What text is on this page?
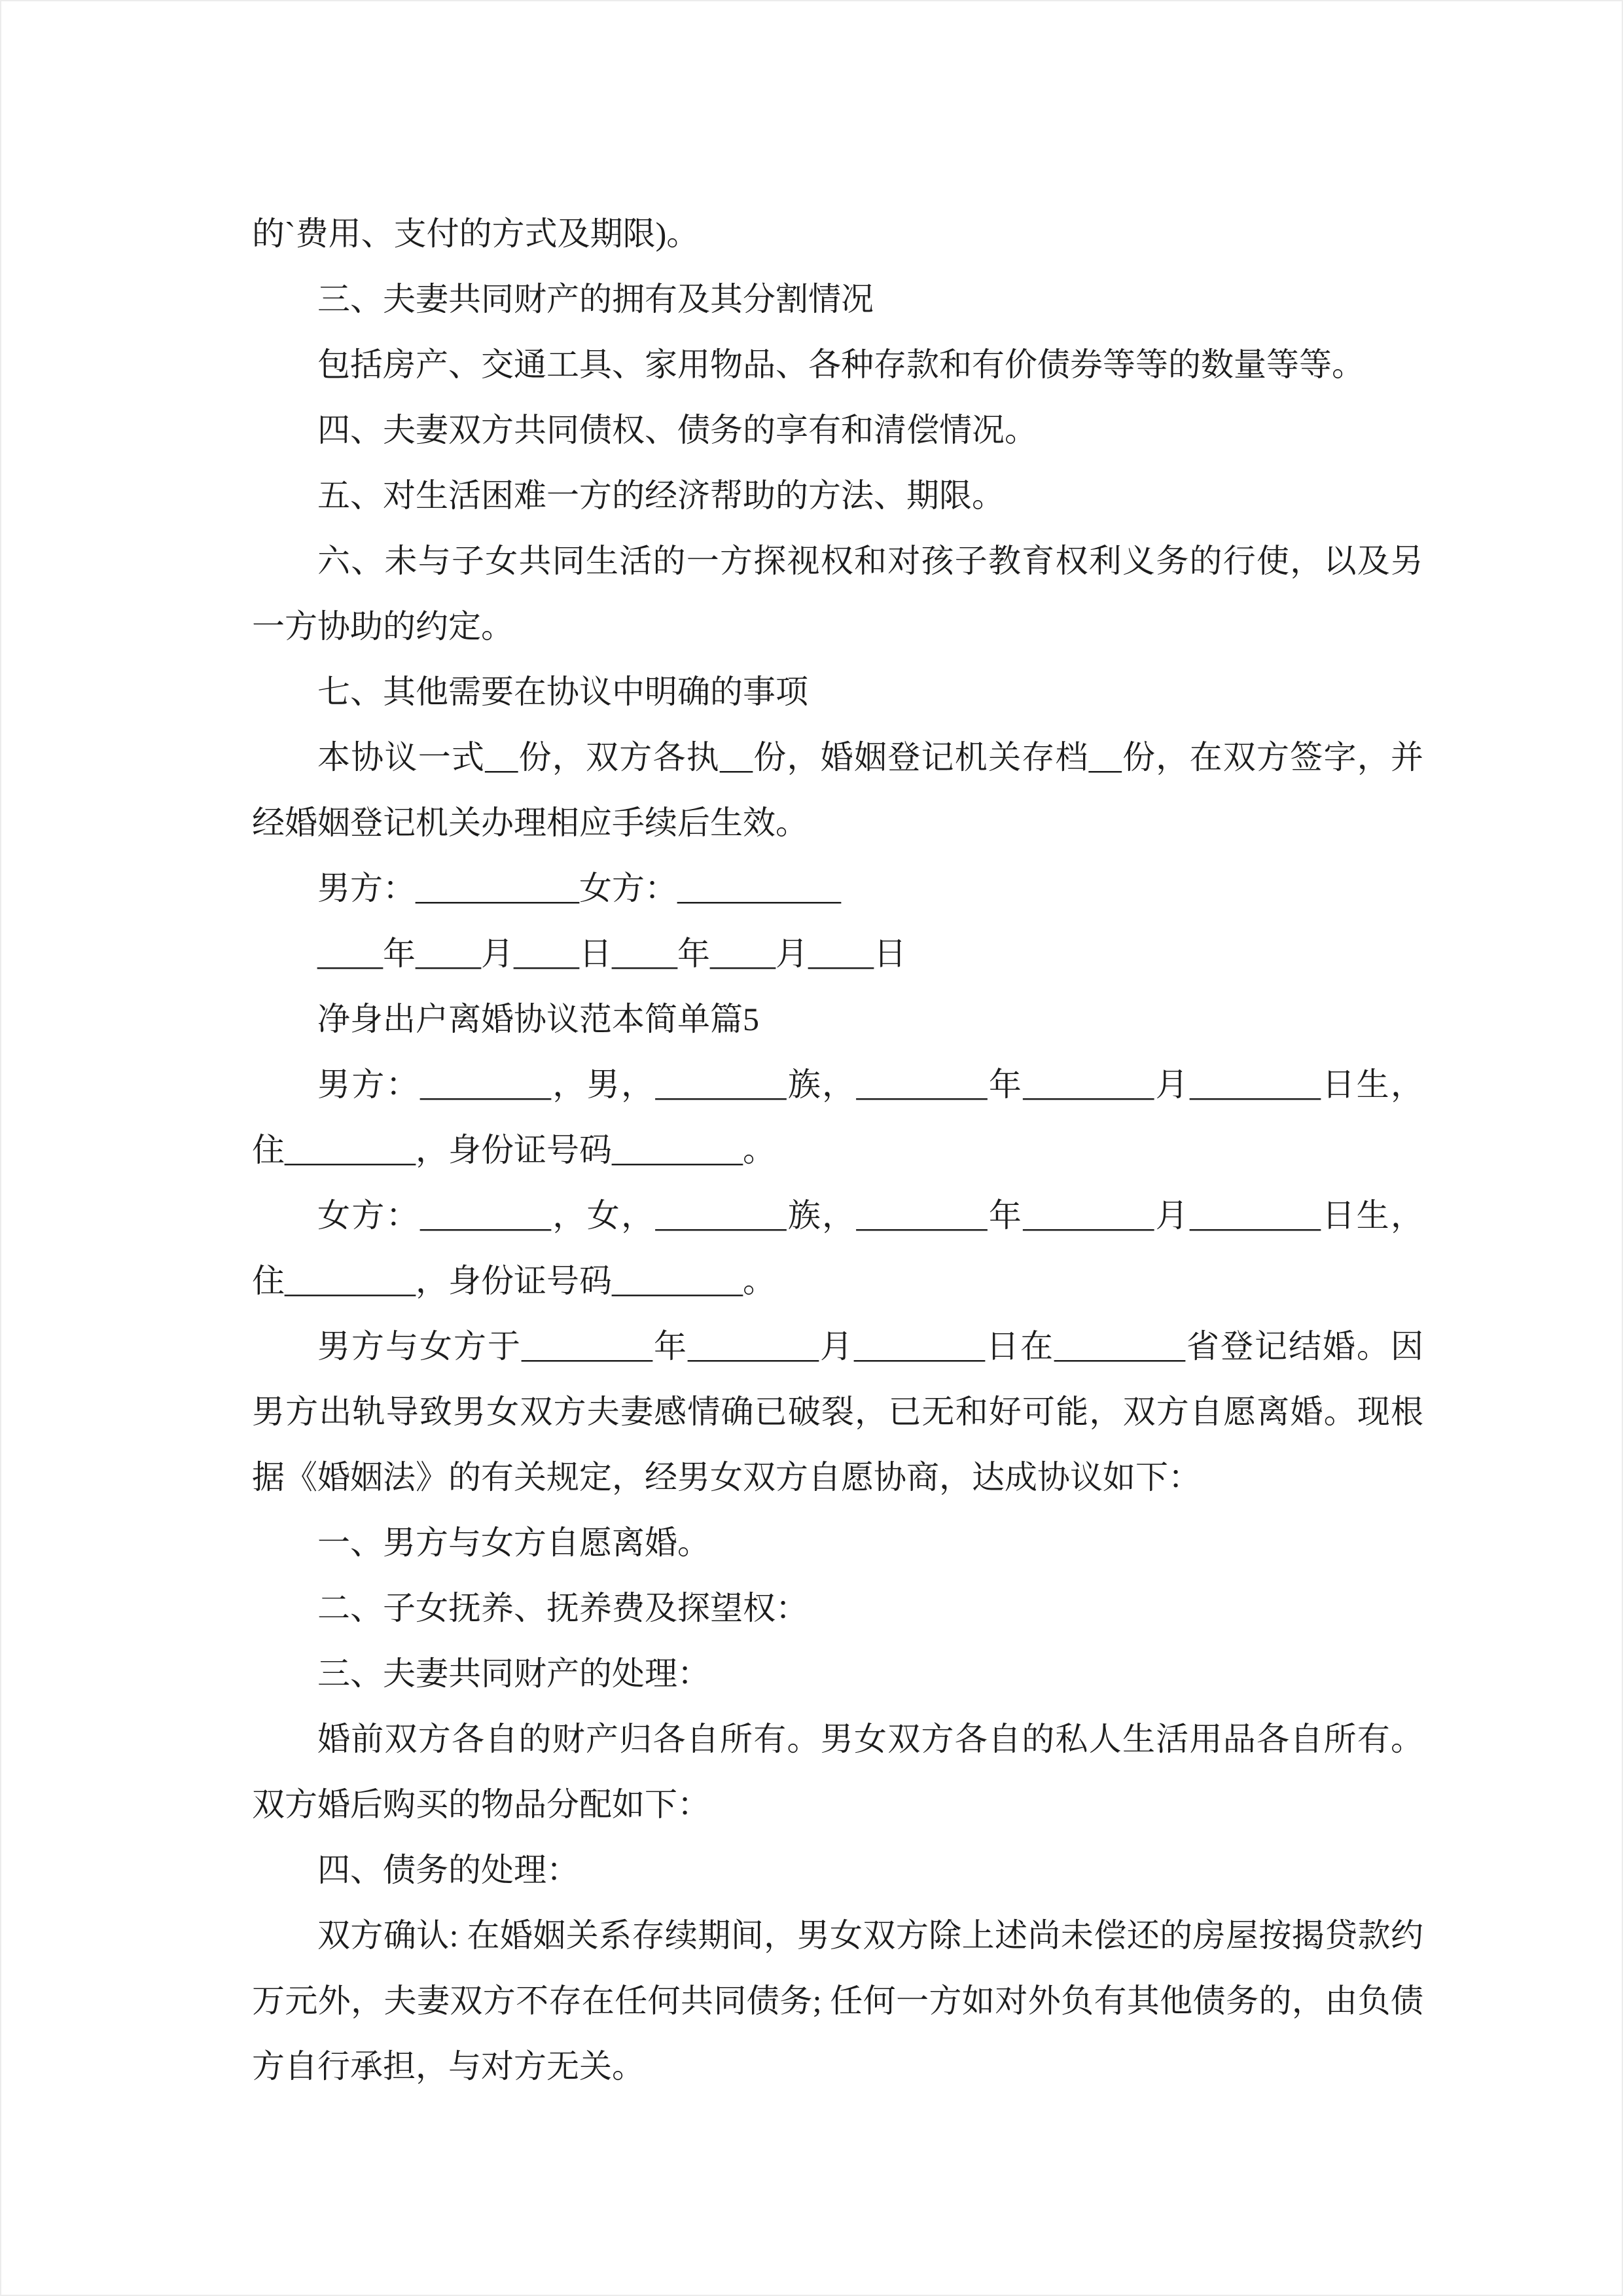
的`费用、支付的方式及期限)。

三、夫妻共同财产的拥有及其分割情况

包括房产、交通工具、家用物品、各种存款和有价债券等等的数量等等。

四、夫妻双方共同债权、债务的享有和清偿情况。

五、对生活困难一方的经济帮助的方法、期限。

六、未与子女共同生活的一方探视权和对孩子教育权利义务的行使，以及另一方协助的约定。

七、其他需要在协议中明确的事项

本协议一式__份，双方各执__份，婚姻登记机关存档__份，在双方签字，并经婚姻登记机关办理相应手续后生效。

男方：__________女方：__________

____年____月____日____年____月____日

净身出户离婚协议范本简单篇5

男方：________，男，________族，________年________月________日生，住________，身份证号码________。

女方：________，女，________族，________年________月________日生，住________，身份证号码________。

男方与女方于________年________月________日在________省登记结婚。因男方出轨导致男女双方夫妻感情确已破裂，已无和好可能，双方自愿离婚。现根据《婚姻法》的有关规定，经男女双方自愿协商，达成协议如下：

一、男方与女方自愿离婚。

二、子女抚养、抚养费及探望权：

三、夫妻共同财产的处理：

婚前双方各自的财产归各自所有。男女双方各自的私人生活用品各自所有。双方婚后购买的物品分配如下：

四、债务的处理：

双方确认: 在婚姻关系存续期间，男女双方除上述尚未偿还的房屋按揭贷款约万元外，夫妻双方不存在任何共同债务; 任何一方如对外负有其他债务的，由负债方自行承担，与对方无关。
